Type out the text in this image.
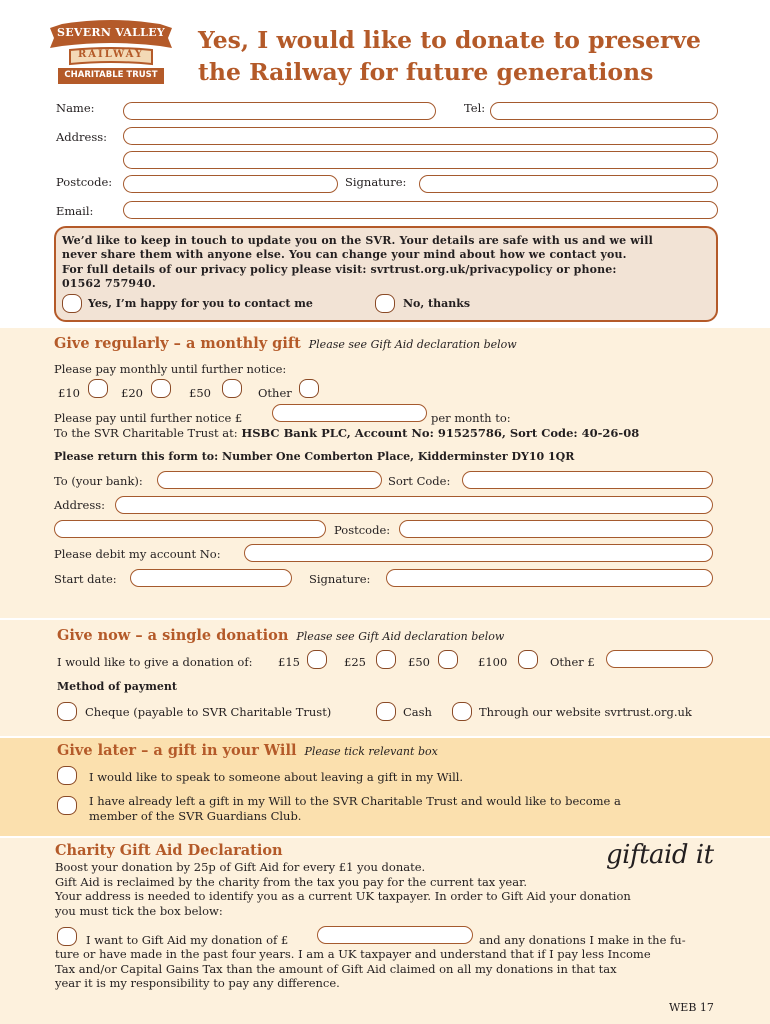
SEVERN VALLEY
RAILWAY
CHARITABLE TRUST
Yes, I would like to donate to preserve
the Railway for future generations
Name:	Tel:
Address:
Postcode:	Signature:
Email:
We’d like to keep in touch to update you on the SVR. Your details are safe with us and we will
never share them with anyone else. You can change your mind about how we contact you.
For full details of our privacy policy please visit: svrtrust.org.uk/privacypolicy or phone:
01562 757940.
Yes, I’m happy for you to contact me	No, thanks
Give regularly – a monthly gift Please see Gift Aid declaration below
Please pay monthly until further notice:
£10	£20	£50	Other
Please pay until further notice £	per month to:
To the SVR Charitable Trust at: HSBC Bank PLC, Account No: 91525786, Sort Code: 40-26-08
Please return this form to: Number One Comberton Place, Kidderminster DY10 1QR
To (your bank):	Sort Code:
Address:
Postcode:
Please debit my account No:
Start date:	Signature:
Give now – a single donation Please see Gift Aid declaration below
I would like to give a donation of: £15	£25	£50	£100	Other £
Method of payment
Cheque (payable to SVR Charitable Trust)	Cash	Through our website svrtrust.org.uk
Give later – a gift in your Will Please tick relevant box
I would like to speak to someone about leaving a gift in my Will.
I have already left a gift in my Will to the SVR Charitable Trust and would like to become a
member of the SVR Guardians Club.
Charity Gift Aid Declaration	giftaid it
Boost your donation by 25p of Gift Aid for every £1 you donate.
Gift Aid is reclaimed by the charity from the tax you pay for the current tax year.
Your address is needed to identify you as a current UK taxpayer. In order to Gift Aid your donation
you must tick the box below:
I want to Gift Aid my donation of £	and any donations I make in the fu-
ture or have made in the past four years. I am a UK taxpayer and understand that if I pay less Income
Tax and/or Capital Gains Tax than the amount of Gift Aid claimed on all my donations in that tax
year it is my responsibility to pay any difference.
WEB 17
